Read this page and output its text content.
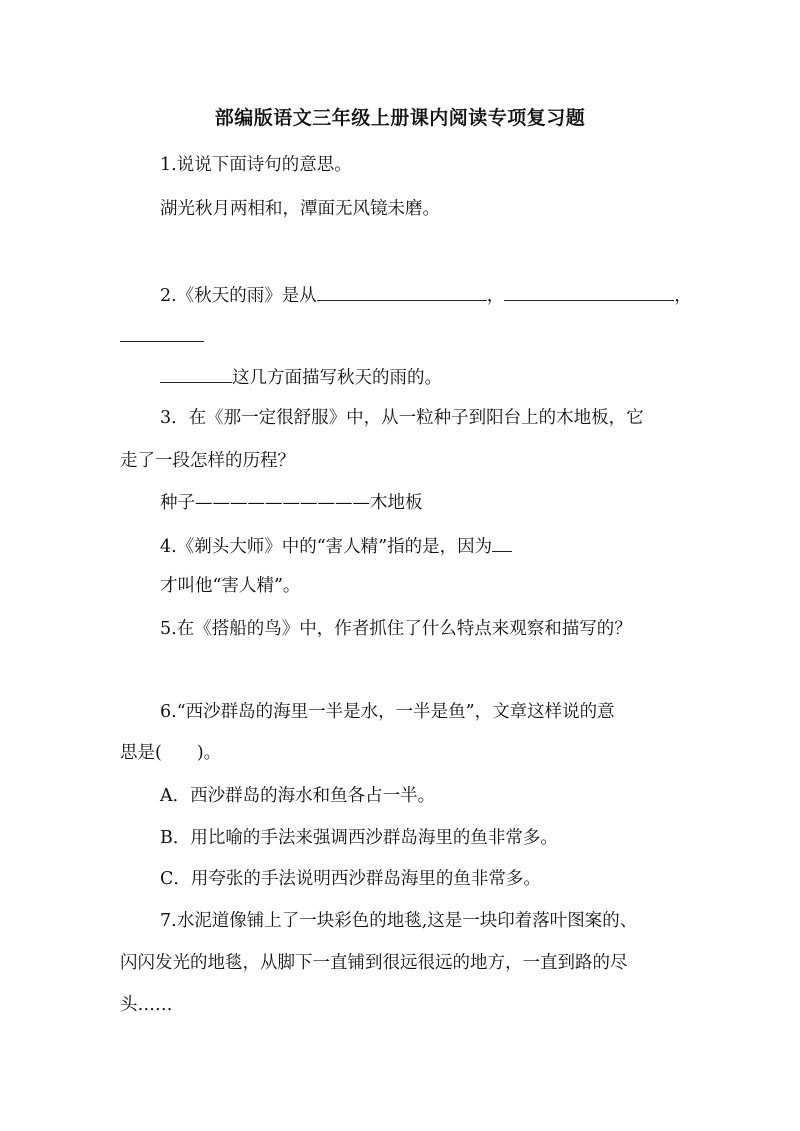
部编版语文三年级上册课内阅读专项复习题
1.说说下面诗句的意思。
湖光秋月两相和，潭面无风镜未磨。
2.《秋天的雨》是从	，	，
这几方面描写秋天的雨的。
3．在《那一定很舒服》中，从一粒种子到阳台上的木地板，它
走了一段怎样的历程？
种子——————————木地板
4.《剃头大师》中的“害人精”指的是，因为
才叫他“害人精”。
5.在《搭船的鸟》中，作者抓住了什么特点来观察和描写的？
6.“西沙群岛的海里一半是水，一半是鱼”，文章这样说的意
思是(　　)。
A．西沙群岛的海水和鱼各占一半。
B．用比喻的手法来强调西沙群岛海里的鱼非常多。
C．用夸张的手法说明西沙群岛海里的鱼非常多。
7.水泥道像铺上了一块彩色的地毯,这是一块印着落叶图案的、
闪闪发光的地毯，从脚下一直铺到很远很远的地方，一直到路的尽
头……
